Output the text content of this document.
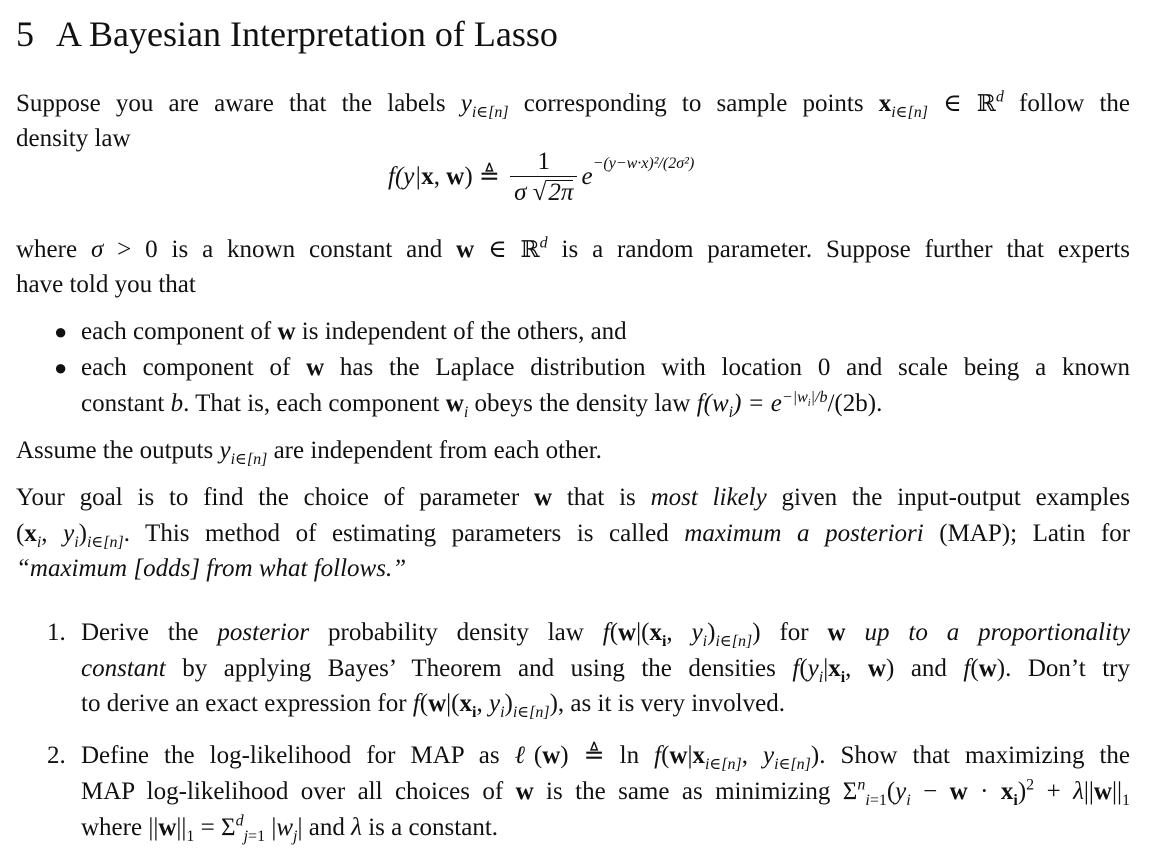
5 A Bayesian Interpretation of Lasso
Suppose you are aware that the labels $y_{i\in[n]}$ corresponding to sample points $x_{i\in[n]}$ ∈ ℝ$^d$ follow the
density law
f(y|x, w) ≜ $\frac{1}{\sigma √2\pi} e^{-(y-w\cdot x)^2/(2\sigma^2)}$
where σ > 0 is a known constant and w ∈ ℝ$^d$ is a random parameter. Suppose further that experts
have told you that
● each component of w is independent of the others, and
● each component of w has the Laplace distribution with location 0 and scale being a known
constant b. That is, each component $w_i$ obeys the density law $f(w_i) = e^{-|w_i|/b}/(2b)$.
Assume the outputs $y_{i\in[n]}$ are independent from each other.
Your goal is to find the choice of parameter w that is most likely given the input-output examples
($x_i$, $y_i)_{i\in[n]}$. This method of estimating parameters is called maximum a posteriori (MAP); Latin for
“maximum [odds] from what follows.”
1. Derive the posterior probability density law $f(w|(x_i$, $y_i)_{i\in[n]}$) for w up to a proportionality
constant by applying Bayes’ Theorem and using the densities $f(y_i|x_i$, w) and f(w). Don’t try
to derive an exact expression for $f(w|(x_i$, $y_i)_{i\in[n]}$), as it is very involved.
2. Define the log-likelihood for MAP as ℓ(w) ≜ $\ln f(w|x_{i\in[n]}$, $y_{i\in[n]}$). Show that maximizing the
MAP log-likelihood over all choices of w is the same as minimizing $\Sigma^n_{i=1}(y_i - w \cdot x_i)^2 + \lambda||w||_1$
where $||w||_1 = \Sigma^d_{j=1}$ $|w_j|$ and λ is a constant.
